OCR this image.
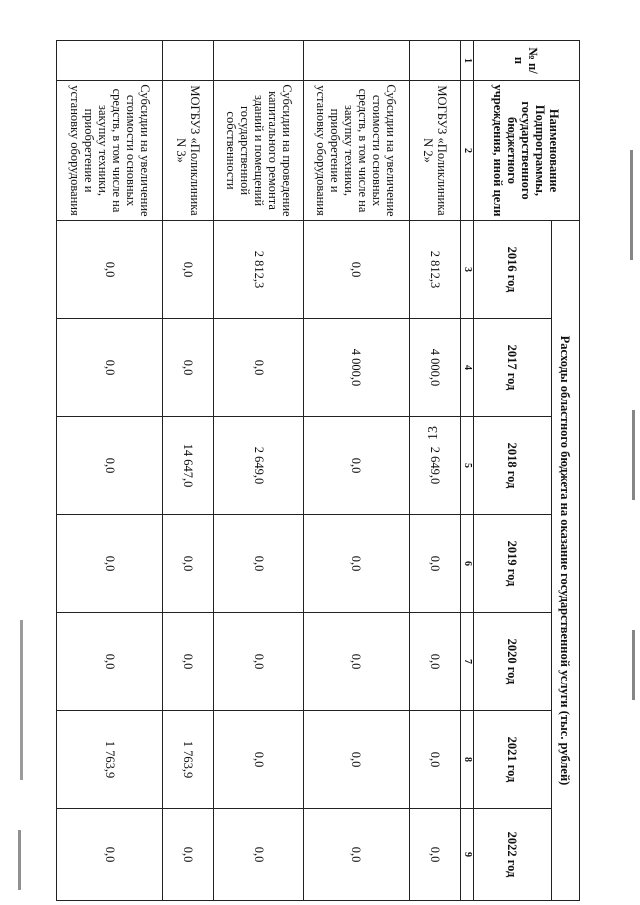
13
№ п/п	Наименование Подпрограммы, государственного бюджетного учреждения, иной цели	Расходы областного бюджета на оказание государственной услуги (тыс. рублей)						
		2016 год	2017 год	2018 год	2019 год	2020 год	2021 год	2022 год
1	2	3	4	5	6	7	8	9
	МОГБУЗ «Поликлиника N 2»	2 812,3	4 000,0	2 649,0	0,0	0,0	0,0	0,0
	Субсидии на увеличение стоимости основных средств, в том числе на закупку техники, приобретение и установку оборудования	0,0	4 000,0	0,0	0,0	0,0	0,0	0,0
	Субсидии на проведение капитального ремонта зданий и помещений государственной собственности	2 812,3	0,0	2 649,0	0,0	0,0	0,0	0,0
	МОГБУЗ «Поликлиника N 3»	0,0	0,0	14 647,0	0,0	0,0	1 763,9	0,0
	Субсидии на увеличение стоимости основных средств, в том числе на закупку техники, приобретение и установку оборудования	0,0	0,0	0,0	0,0	0,0	1 763,9	0,0
